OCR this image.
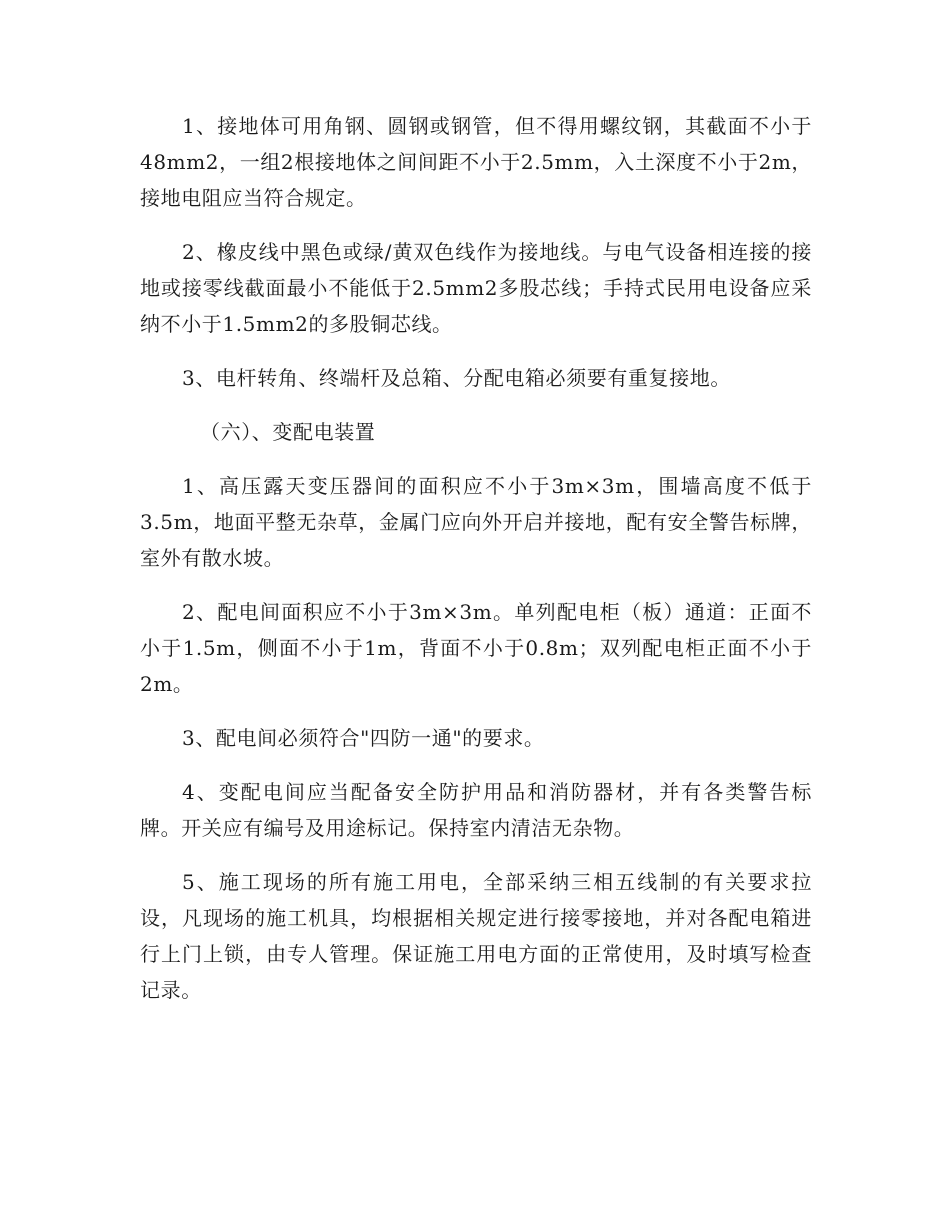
1、接地体可用角钢、圆钢或钢管，但不得用螺纹钢，其截面不小于48mm2，一组2根接地体之间间距不小于2.5mm，入土深度不小于2m，接地电阻应当符合规定。

2、橡皮线中黑色或绿/黄双色线作为接地线。与电气设备相连接的接地或接零线截面最小不能低于2.5mm2多股芯线；手持式民用电设备应采纳不小于1.5mm2的多股铜芯线。

3、电杆转角、终端杆及总箱、分配电箱必须要有重复接地。

（六）、变配电装置

1、高压露天变压器间的面积应不小于3m×3m，围墙高度不低于3.5m，地面平整无杂草，金属门应向外开启并接地，配有安全警告标牌，室外有散水坡。

2、配电间面积应不小于3m×3m。单列配电柜（板）通道：正面不小于1.5m，侧面不小于1m，背面不小于0.8m；双列配电柜正面不小于2m。

3、配电间必须符合"四防一通"的要求。

4、变配电间应当配备安全防护用品和消防器材，并有各类警告标牌。开关应有编号及用途标记。保持室内清洁无杂物。

5、施工现场的所有施工用电，全部采纳三相五线制的有关要求拉设，凡现场的施工机具，均根据相关规定进行接零接地，并对各配电箱进行上门上锁，由专人管理。保证施工用电方面的正常使用，及时填写检查记录。
